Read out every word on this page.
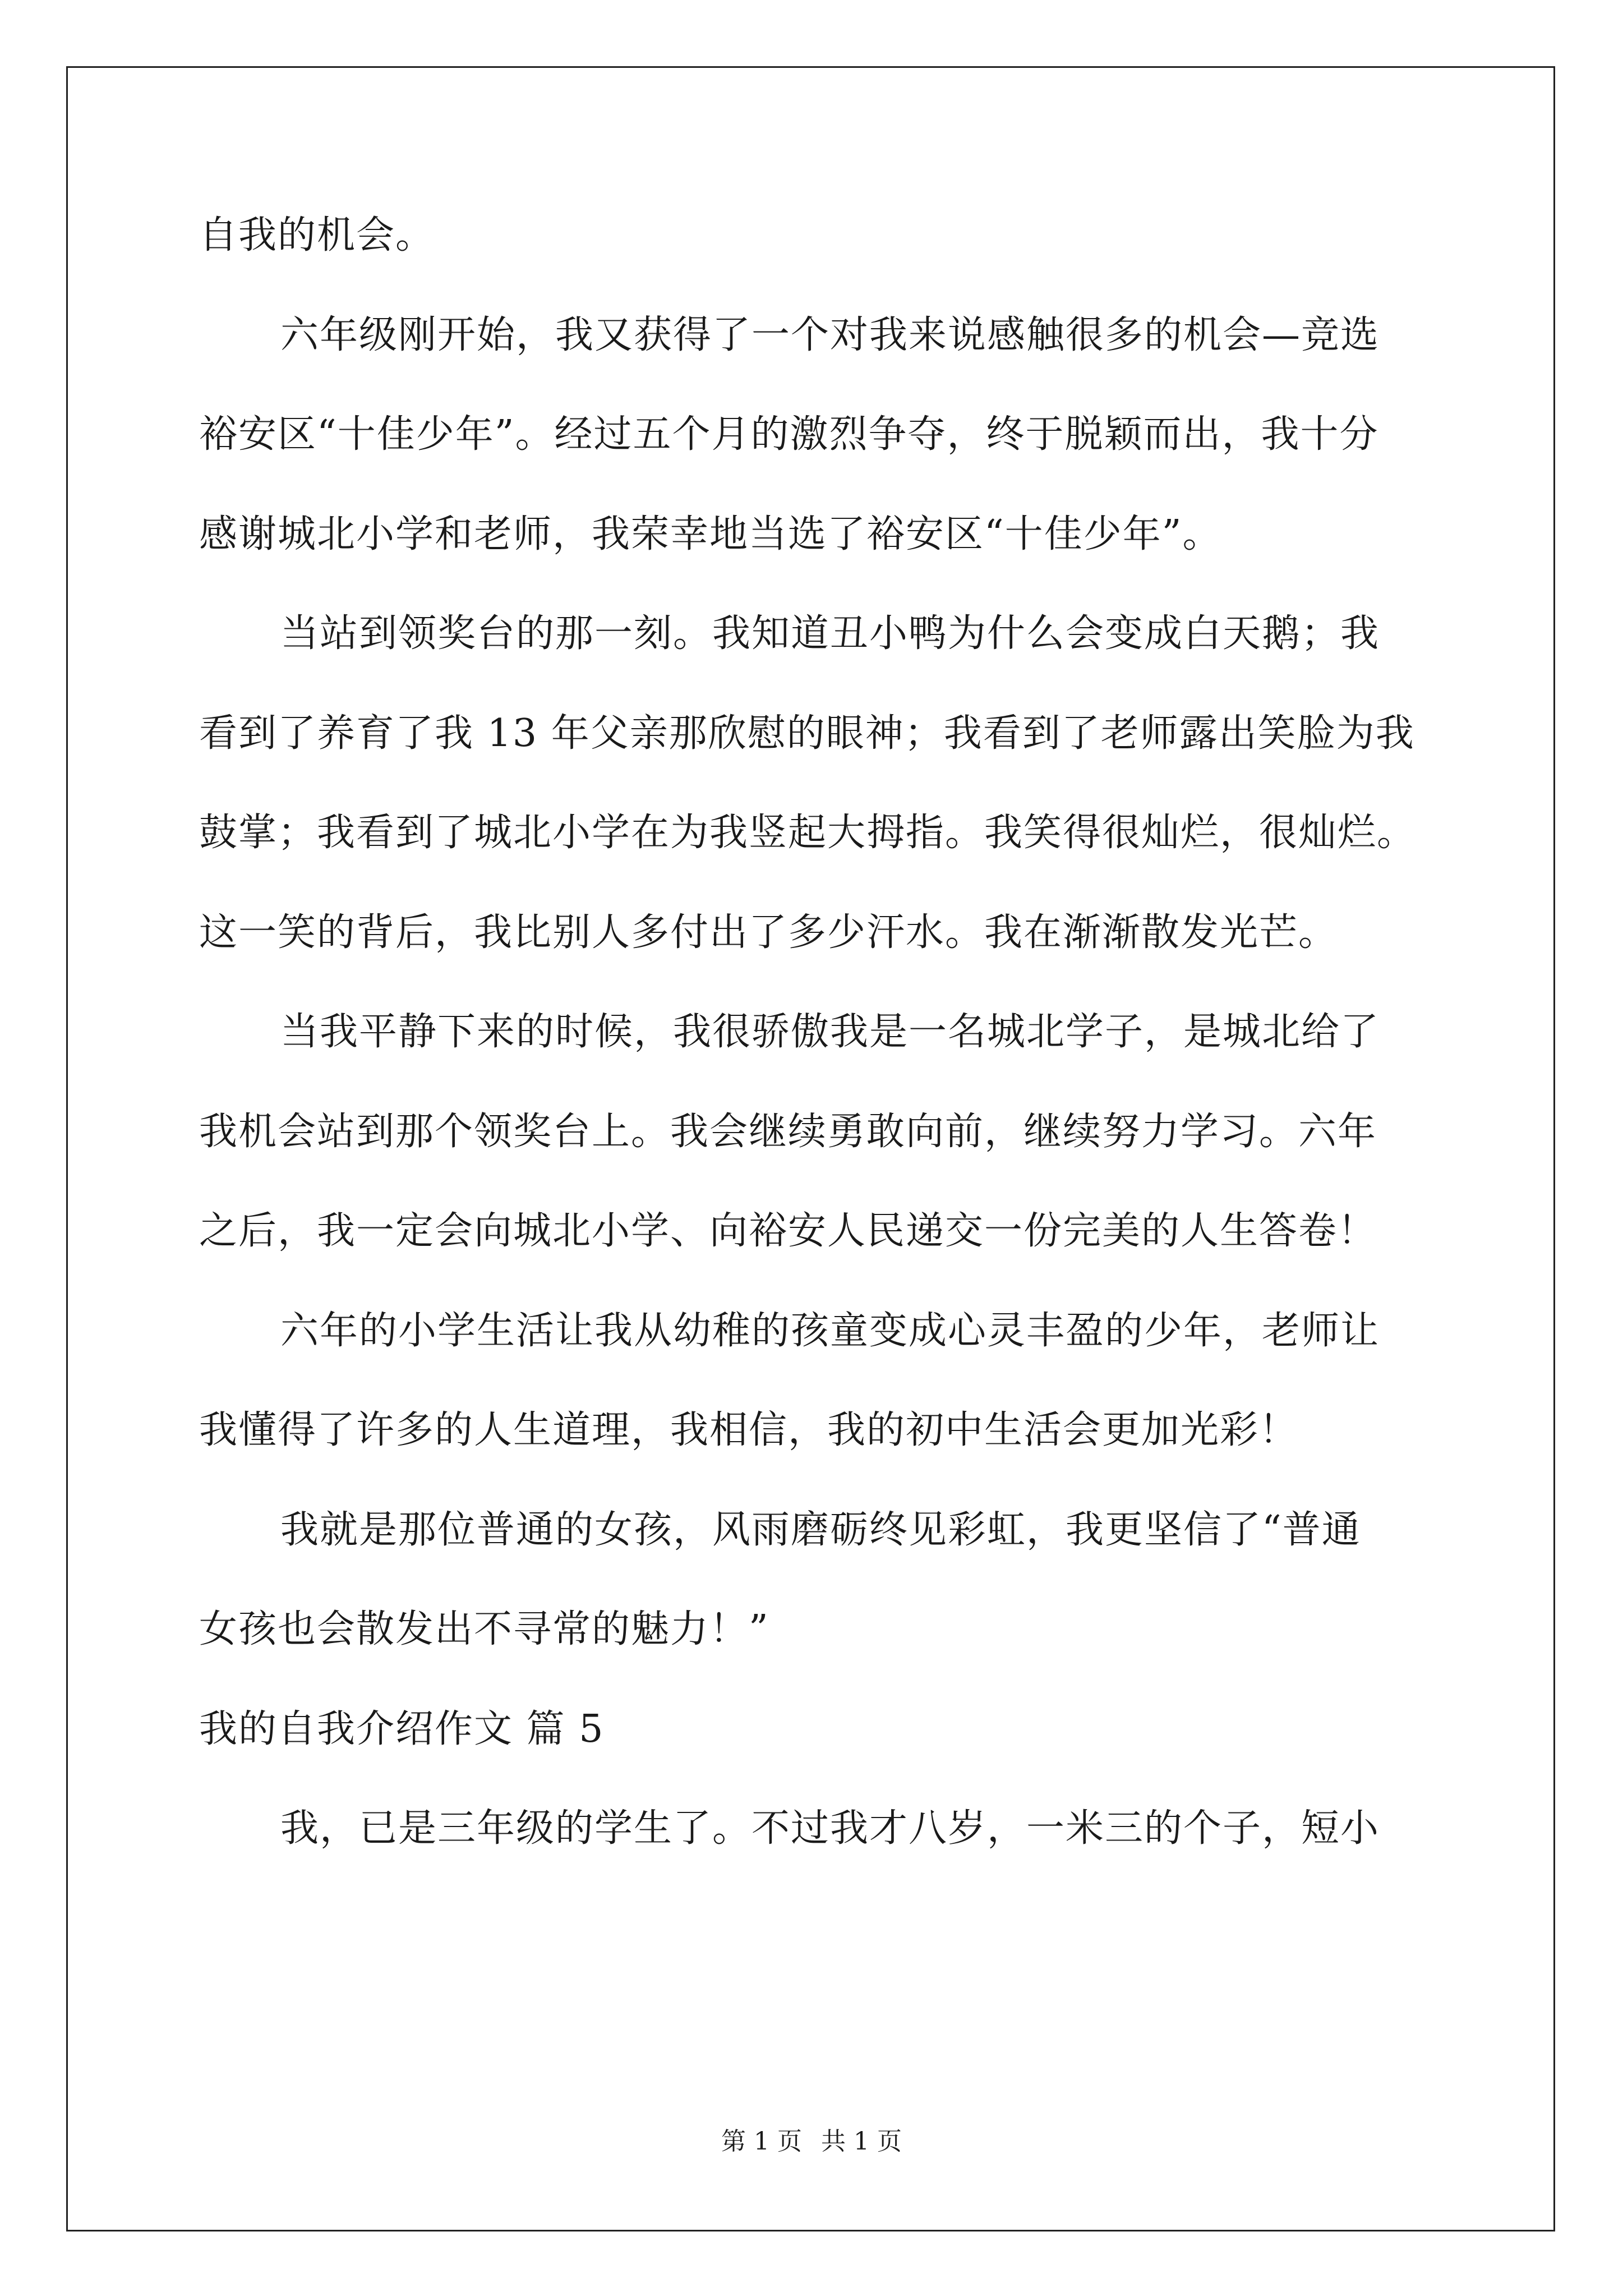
自我的机会。
六年级刚开始，我又获得了一个对我来说感触很多的机会—竞选
裕安区“十佳少年”。经过五个月的激烈争夺，终于脱颖而出，我十分
感谢城北小学和老师，我荣幸地当选了裕安区“十佳少年”。
当站到领奖台的那一刻。我知道丑小鸭为什么会变成白天鹅；我
看到了养育了我 13 年父亲那欣慰的眼神；我看到了老师露出笑脸为我
鼓掌；我看到了城北小学在为我竖起大拇指。我笑得很灿烂，很灿烂。
这一笑的背后，我比别人多付出了多少汗水。我在渐渐散发光芒。
当我平静下来的时候，我很骄傲我是一名城北学子，是城北给了
我机会站到那个领奖台上。我会继续勇敢向前，继续努力学习。六年
之后，我一定会向城北小学、向裕安人民递交一份完美的人生答卷！
六年的小学生活让我从幼稚的孩童变成心灵丰盈的少年，老师让
我懂得了许多的人生道理，我相信，我的初中生活会更加光彩！
我就是那位普通的女孩，风雨磨砺终见彩虹，我更坚信了“普通
女孩也会散发出不寻常的魅力！”
我的自我介绍作文 篇 5
我，已是三年级的学生了。不过我才八岁，一米三的个子，短小
第 1 页 共 1 页
